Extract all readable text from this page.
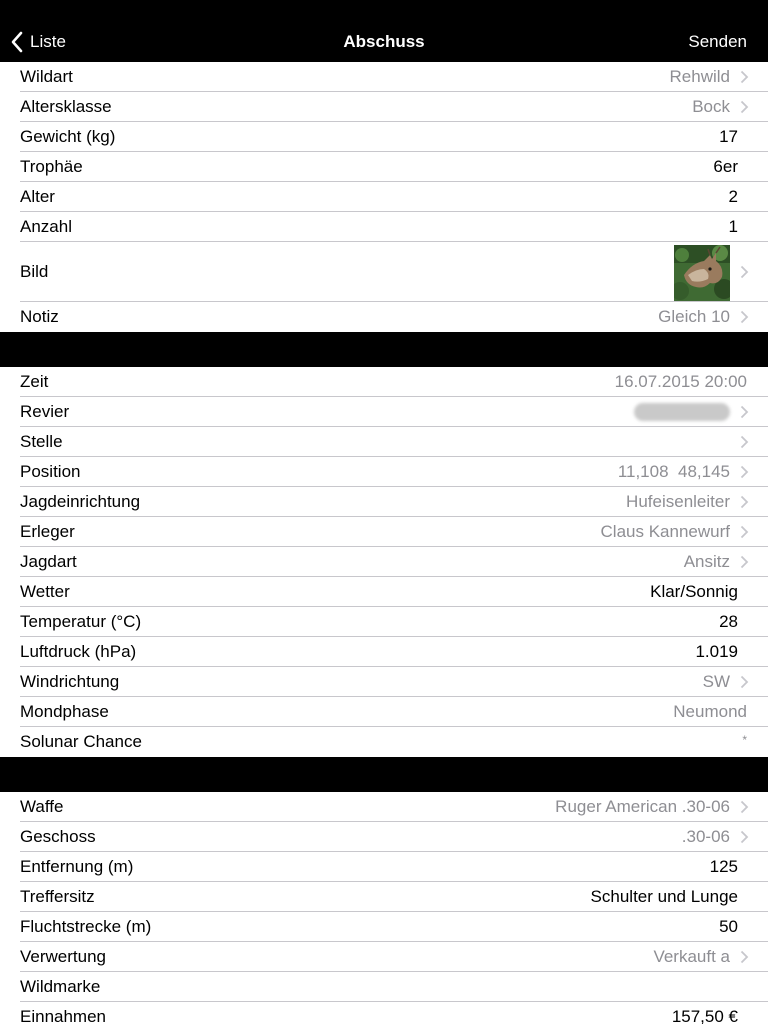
Liste	Abschuss	Senden
Wildart	Rehwild
Altersklasse	Bock
Gewicht (kg)	17
Trophäe	6er
Alter	2
Anzahl	1
Bild
Notiz	Gleich 10
Zeit	16.07.2015 20:00
Revier
Stelle
Position	11,108  48,145
Jagdeinrichtung	Hufeisenleiter
Erleger	Claus Kannewurf
Jagdart	Ansitz
Wetter	Klar/Sonnig
Temperatur (°C)	28
Luftdruck (hPa)	1.019
Windrichtung	SW
Mondphase	Neumond
Solunar Chance	*
Waffe	Ruger American .30-06
Geschoss	.30-06
Entfernung (m)	125
Treffersitz	Schulter und Lunge
Fluchtstrecke (m)	50
Verwertung	Verkauft a
Wildmarke
Einnahmen	157,50 €
